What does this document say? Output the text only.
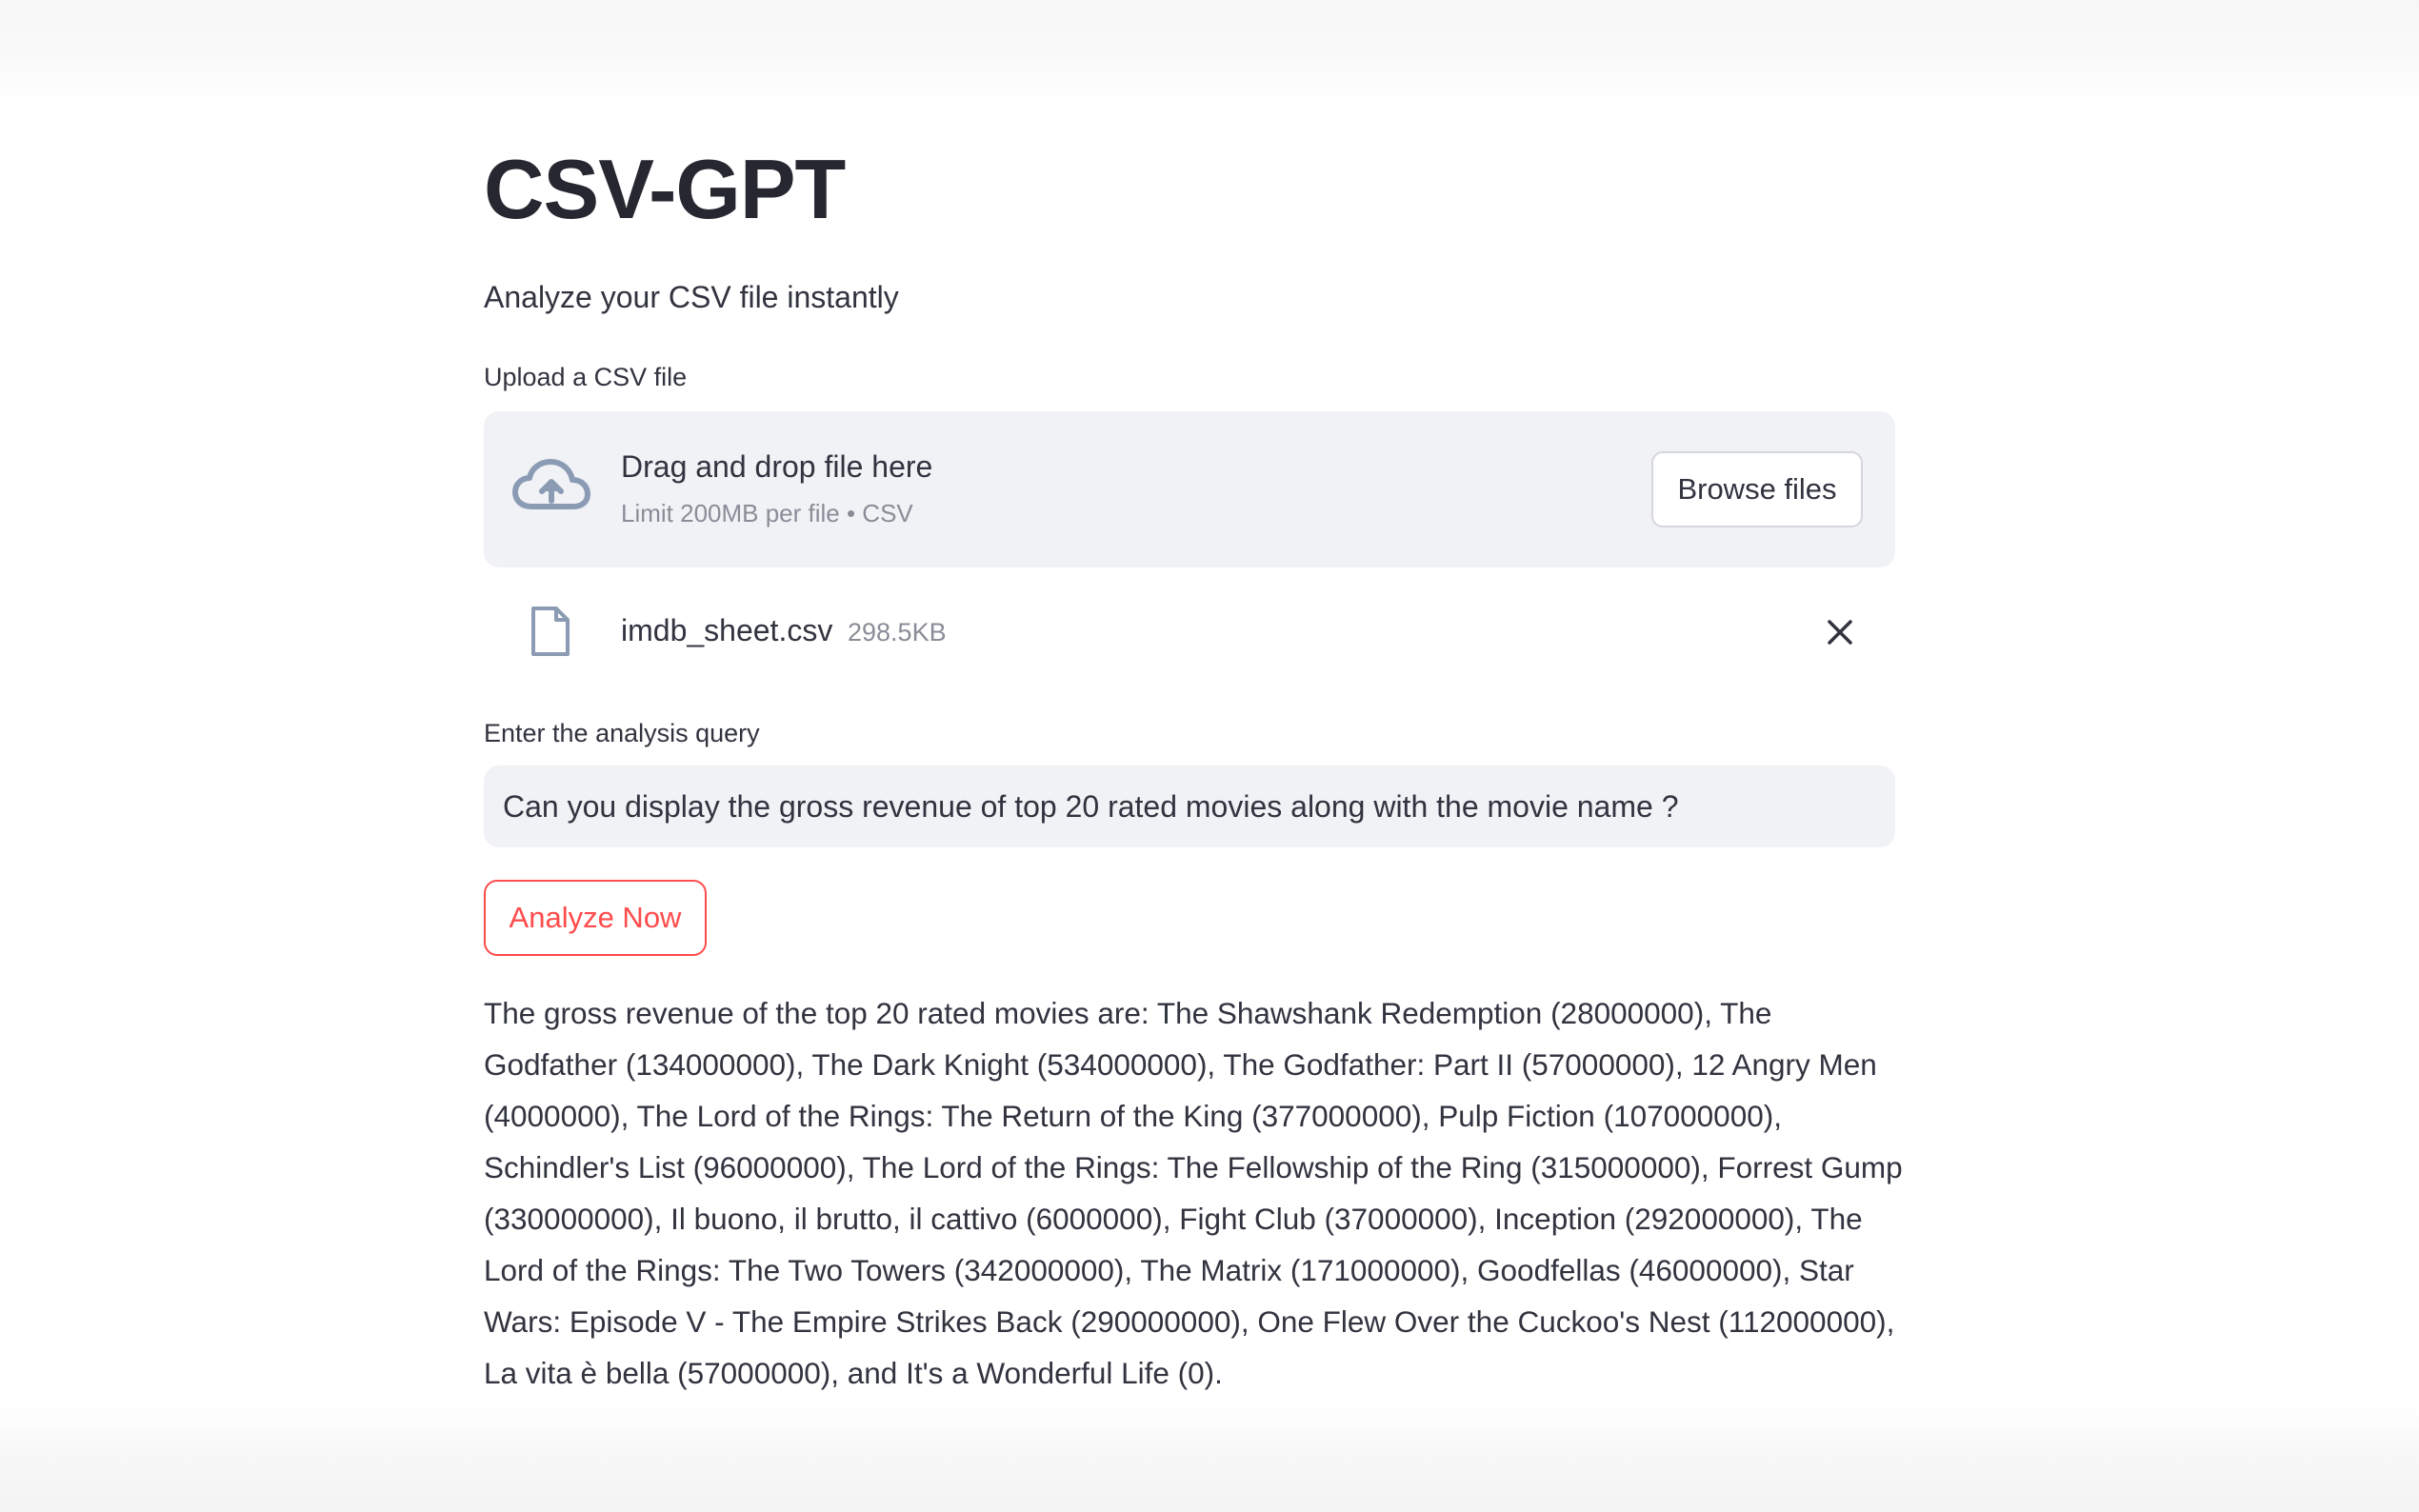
CSV-GPT
Analyze your CSV file instantly
Upload a CSV file
Drag and drop file here
Limit 200MB per file • CSV
Browse files
imdb_sheet.csv 298.5KB
Enter the analysis query
Can you display the gross revenue of top 20 rated movies along with the movie name ?
Analyze Now

The gross revenue of the top 20 rated movies are: The Shawshank Redemption (28000000), The Godfather (134000000), The Dark Knight (534000000), The Godfather: Part II (57000000), 12 Angry Men (4000000), The Lord of the Rings: The Return of the King (377000000), Pulp Fiction (107000000), Schindler's List (96000000), The Lord of the Rings: The Fellowship of the Ring (315000000), Forrest Gump (330000000), Il buono, il brutto, il cattivo (6000000), Fight Club (37000000), Inception (292000000), The Lord of the Rings: The Two Towers (342000000), The Matrix (171000000), Goodfellas (46000000), Star Wars: Episode V - The Empire Strikes Back (290000000), One Flew Over the Cuckoo's Nest (112000000), La vita è bella (57000000), and It's a Wonderful Life (0).
